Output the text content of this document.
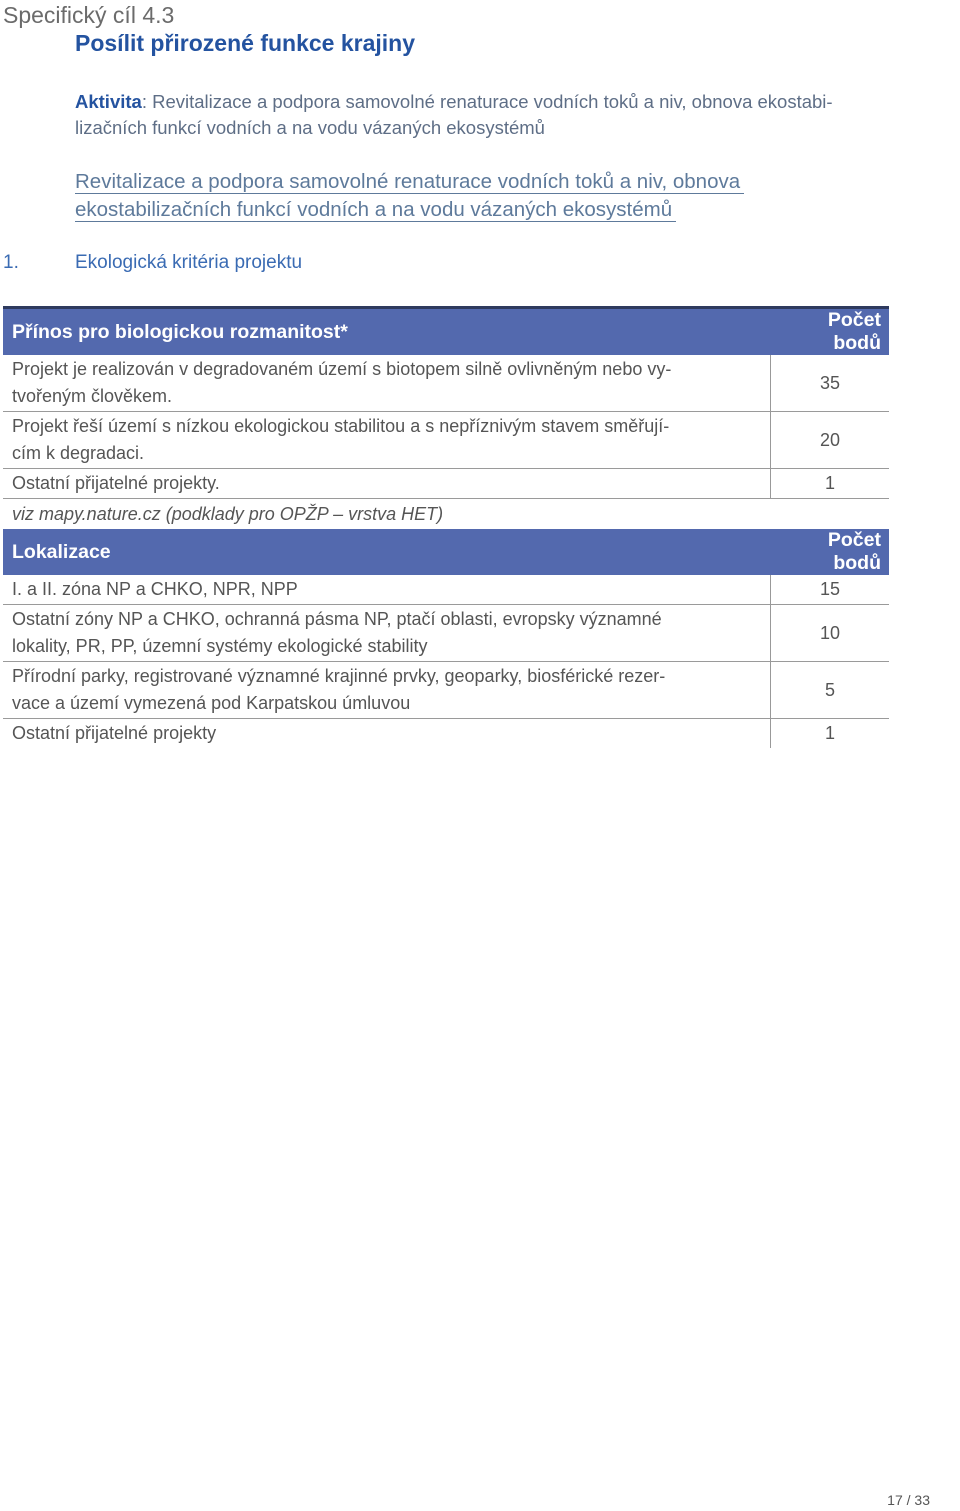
Specifický cíl 4.3
Posílit přirozené funkce krajiny
Aktivita: Revitalizace a podpora samovolné renaturace vodních toků a niv, obnova ekostabi-
lizačních funkcí vodních a na vodu vázaných ekosystémů
Revitalizace a podpora samovolné renaturace vodních toků a niv, obnova
ekostabilizačních funkcí vodních a na vodu vázaných ekosystémů
1.	Ekologická kritéria projektu
Přínos pro biologickou rozmanitost*	Počet bodů

Projekt je realizován v degradovaném území s biotopem silně ovlivněným nebo vy-
tvořeným člověkem.	35

Projekt řeší území s nízkou ekologickou stabilitou a s nepříznivým stavem směřují-
cím k degradaci.	20

Ostatní přijatelné projekty.	1
viz mapy.nature.cz (podklady pro OPŽP – vrstva HET)	
Lokalizace	Počet bodů

I. a II. zóna NP a CHKO, NPR, NPP	15

Ostatní zóny NP a CHKO, ochranná pásma NP, ptačí oblasti, evropsky významné
lokality, PR, PP, územní systémy ekologické stability	10

Přírodní parky, registrované významné krajinné prvky, geoparky, biosférické rezer-
vace a území vymezená pod Karpatskou úmluvou	5

Ostatní přijatelné projekty	1
17 / 33
